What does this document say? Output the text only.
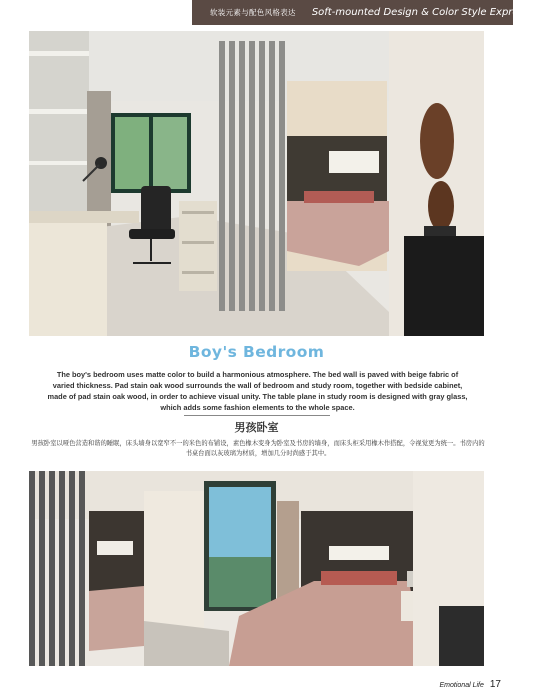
软装元素与配色风格表达 Soft-mounted Design & Color Style Expression
Boy's Bedroom
The boy's bedroom uses matte color to build a harmonious atmosphere. The bed wall is paved with beige fabric of varied thickness. Pad stain oak wood surrounds the wall of bedroom and study room, together with bedside cabinet, made of pad stain oak wood, in order to achieve visual unity. The table plane in study room is designed with gray glass, which adds some fashion elements to the whole space.
男孩卧室
男孩卧室以哑色营造和谐的睡眠，床头墙身以宽窄不一的米色的布铺设，素色橡木变身为卧室及书房的墙身，而床头柜采用橡木作搭配，令视觉更为统一。书房内的书桌台面以灰玻璃为材质，增加几分时尚感于其中。
Emotional Life 17
